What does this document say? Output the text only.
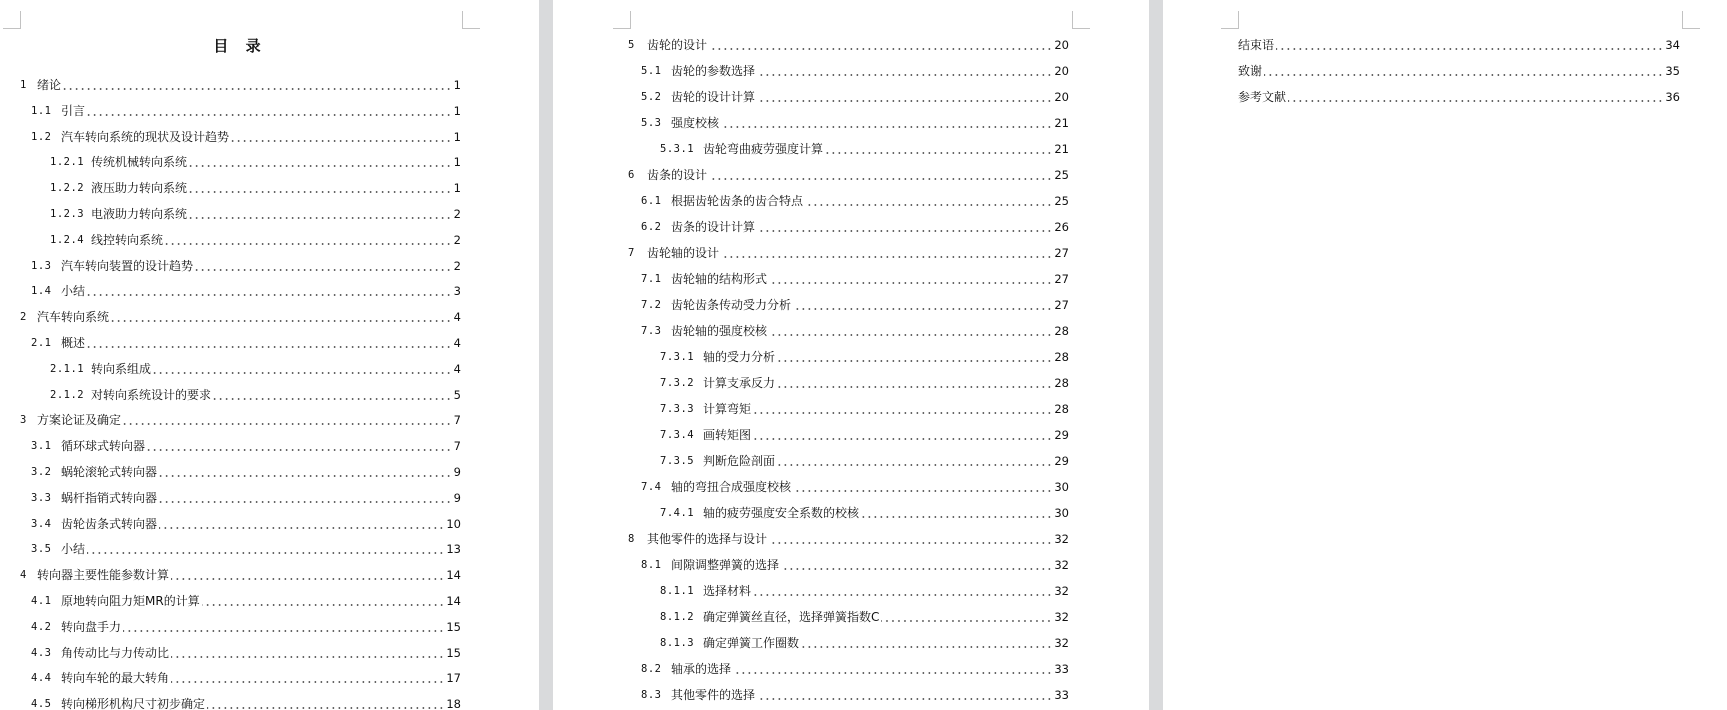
目 录
1 绪论	1
1.1 引言	1
1.2 汽车转向系统的现状及设计趋势	1
1.2.1 传统机械转向系统	1
1.2.2 液压助力转向系统	1
1.2.3 电液助力转向系统	2
1.2.4 线控转向系统	2
1.3 汽车转向装置的设计趋势	2
1.4 小结	3
2 汽车转向系统	4
2.1 概述	4
2.1.1 转向系组成	4
2.1.2 对转向系统设计的要求	5
3 方案论证及确定	7
3.1 循环球式转向器	7
3.2 蜗轮滚轮式转向器	9
3.3 蜗杆指销式转向器	9
3.4 齿轮齿条式转向器	10
3.5 小结	13
4 转向器主要性能参数计算	14
4.1 原地转向阻力矩MR的计算	14
4.2 转向盘手力	15
4.3 角传动比与力传动比	15
4.4 转向车轮的最大转角	17
4.5 转向梯形机构尺寸初步确定	18
5	齿轮的设计	20
5.1 齿轮的参数选择	20
5.2 齿轮的设计计算	20
5.3 强度校核	21
5.3.1 齿轮弯曲疲劳强度计算	21
6	齿条的设计	25
6.1 根据齿轮齿条的齿合特点	25
6.2 齿条的设计计算	26
7	齿轮轴的设计	27
7.1 齿轮轴的结构形式	27
7.2 齿轮齿条传动受力分析	27
7.3 齿轮轴的强度校核	28
7.3.1 轴的受力分析	28
7.3.2 计算支承反力	28
7.3.3 计算弯矩	28
7.3.4 画转矩图	29
7.3.5 判断危险剖面	29
7.4 轴的弯扭合成强度校核	30
7.4.1 轴的疲劳强度安全系数的校核	30
8	其他零件的选择与设计	32
8.1 间隙调整弹簧的选择	32
8.1.1 选择材料	32
8.1.2 确定弹簧丝直径，选择弹簧指数C	32
8.1.3 确定弹簧工作圈数	32
8.2 轴承的选择	33
8.3 其他零件的选择	33
结束语	34
致谢	35
参考文献	36
